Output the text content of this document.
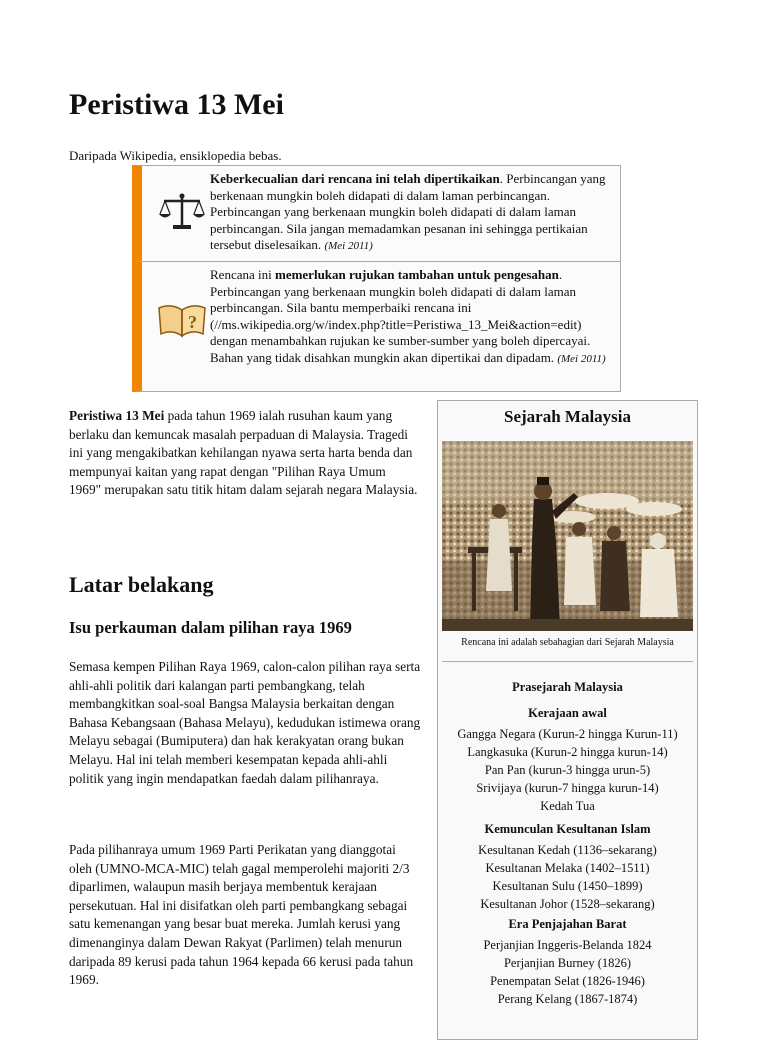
Peristiwa 13 Mei
Daripada Wikipedia, ensiklopedia bebas.
Keberkecualian dari rencana ini telah dipertikaikan. Perbincangan yang berkenaan mungkin boleh didapati di dalam laman perbincangan. Perbincangan yang berkenaan mungkin boleh didapati di dalam laman perbincangan. Sila jangan memadamkan pesanan ini sehingga pertikaian tersebut diselesaikan. (Mei 2011)
?
Rencana ini memerlukan rujukan tambahan untuk pengesahan. Perbincangan yang berkenaan mungkin boleh didapati di dalam laman perbincangan. Sila bantu memperbaiki rencana ini (//ms.wikipedia.org/w/index.php?title=Peristiwa_13_Mei&action=edit) dengan menambahkan rujukan ke sumber-sumber yang boleh dipercayai. Bahan yang tidak disahkan mungkin akan dipertikai dan dipadam. (Mei 2011)

Peristiwa 13 Mei pada tahun 1969 ialah rusuhan kaum yang berlaku dan kemuncak masalah perpaduan di Malaysia. Tragedi ini yang mengakibatkan kehilangan nyawa serta harta benda dan mempunyai kaitan yang rapat dengan "Pilihan Raya Umum 1969" merupakan satu titik hitam dalam sejarah negara Malaysia.

Latar belakang
Isu perkauman dalam pilihan raya 1969

Semasa kempen Pilihan Raya 1969, calon-calon pilihan raya serta ahli-ahli politik dari kalangan parti pembangkang, telah membangkitkan soal-soal Bangsa Malaysia berkaitan dengan Bahasa Kebangsaan (Bahasa Melayu), kedudukan istimewa orang Melayu sebagai (Bumiputera) dan hak kerakyatan orang bukan Melayu. Hal ini telah memberi kesempatan kepada ahli-ahli politik yang ingin mendapatkan faedah dalam pilihanraya.

Pada pilihanraya umum 1969 Parti Perikatan yang dianggotai oleh (UMNO-MCA-MIC) telah gagal memperolehi majoriti 2/3 diparlimen, walaupun masih berjaya membentuk kerajaan persekutuan. Hal ini disifatkan oleh parti pembangkang sebagai satu kemenangan yang besar buat mereka. Jumlah kerusi yang dimenanginya dalam Dewan Rakyat (Parlimen) telah menurun daripada 89 kerusi pada tahun 1964 kepada 66 kerusi pada tahun 1969.

Sejarah Malaysia
Rencana ini adalah sebahagian dari Sejarah Malaysia

Prasejarah Malaysia

Kerajaan awal

Gangga Negara (Kurun-2 hingga Kurun-11)

Langkasuka (Kurun-2 hingga kurun-14)

Pan Pan (kurun-3 hingga urun-5)

Srivijaya (kurun-7 hingga kurun-14)

Kedah Tua

Kemunculan Kesultanan Islam

Kesultanan Kedah (1136–sekarang)

Kesultanan Melaka (1402–1511)

Kesultanan Sulu (1450–1899)

Kesultanan Johor (1528–sekarang)

Era Penjajahan Barat

Perjanjian Inggeris-Belanda 1824

Perjanjian Burney (1826)

Penempatan Selat (1826-1946)

Perang Kelang (1867-1874)
